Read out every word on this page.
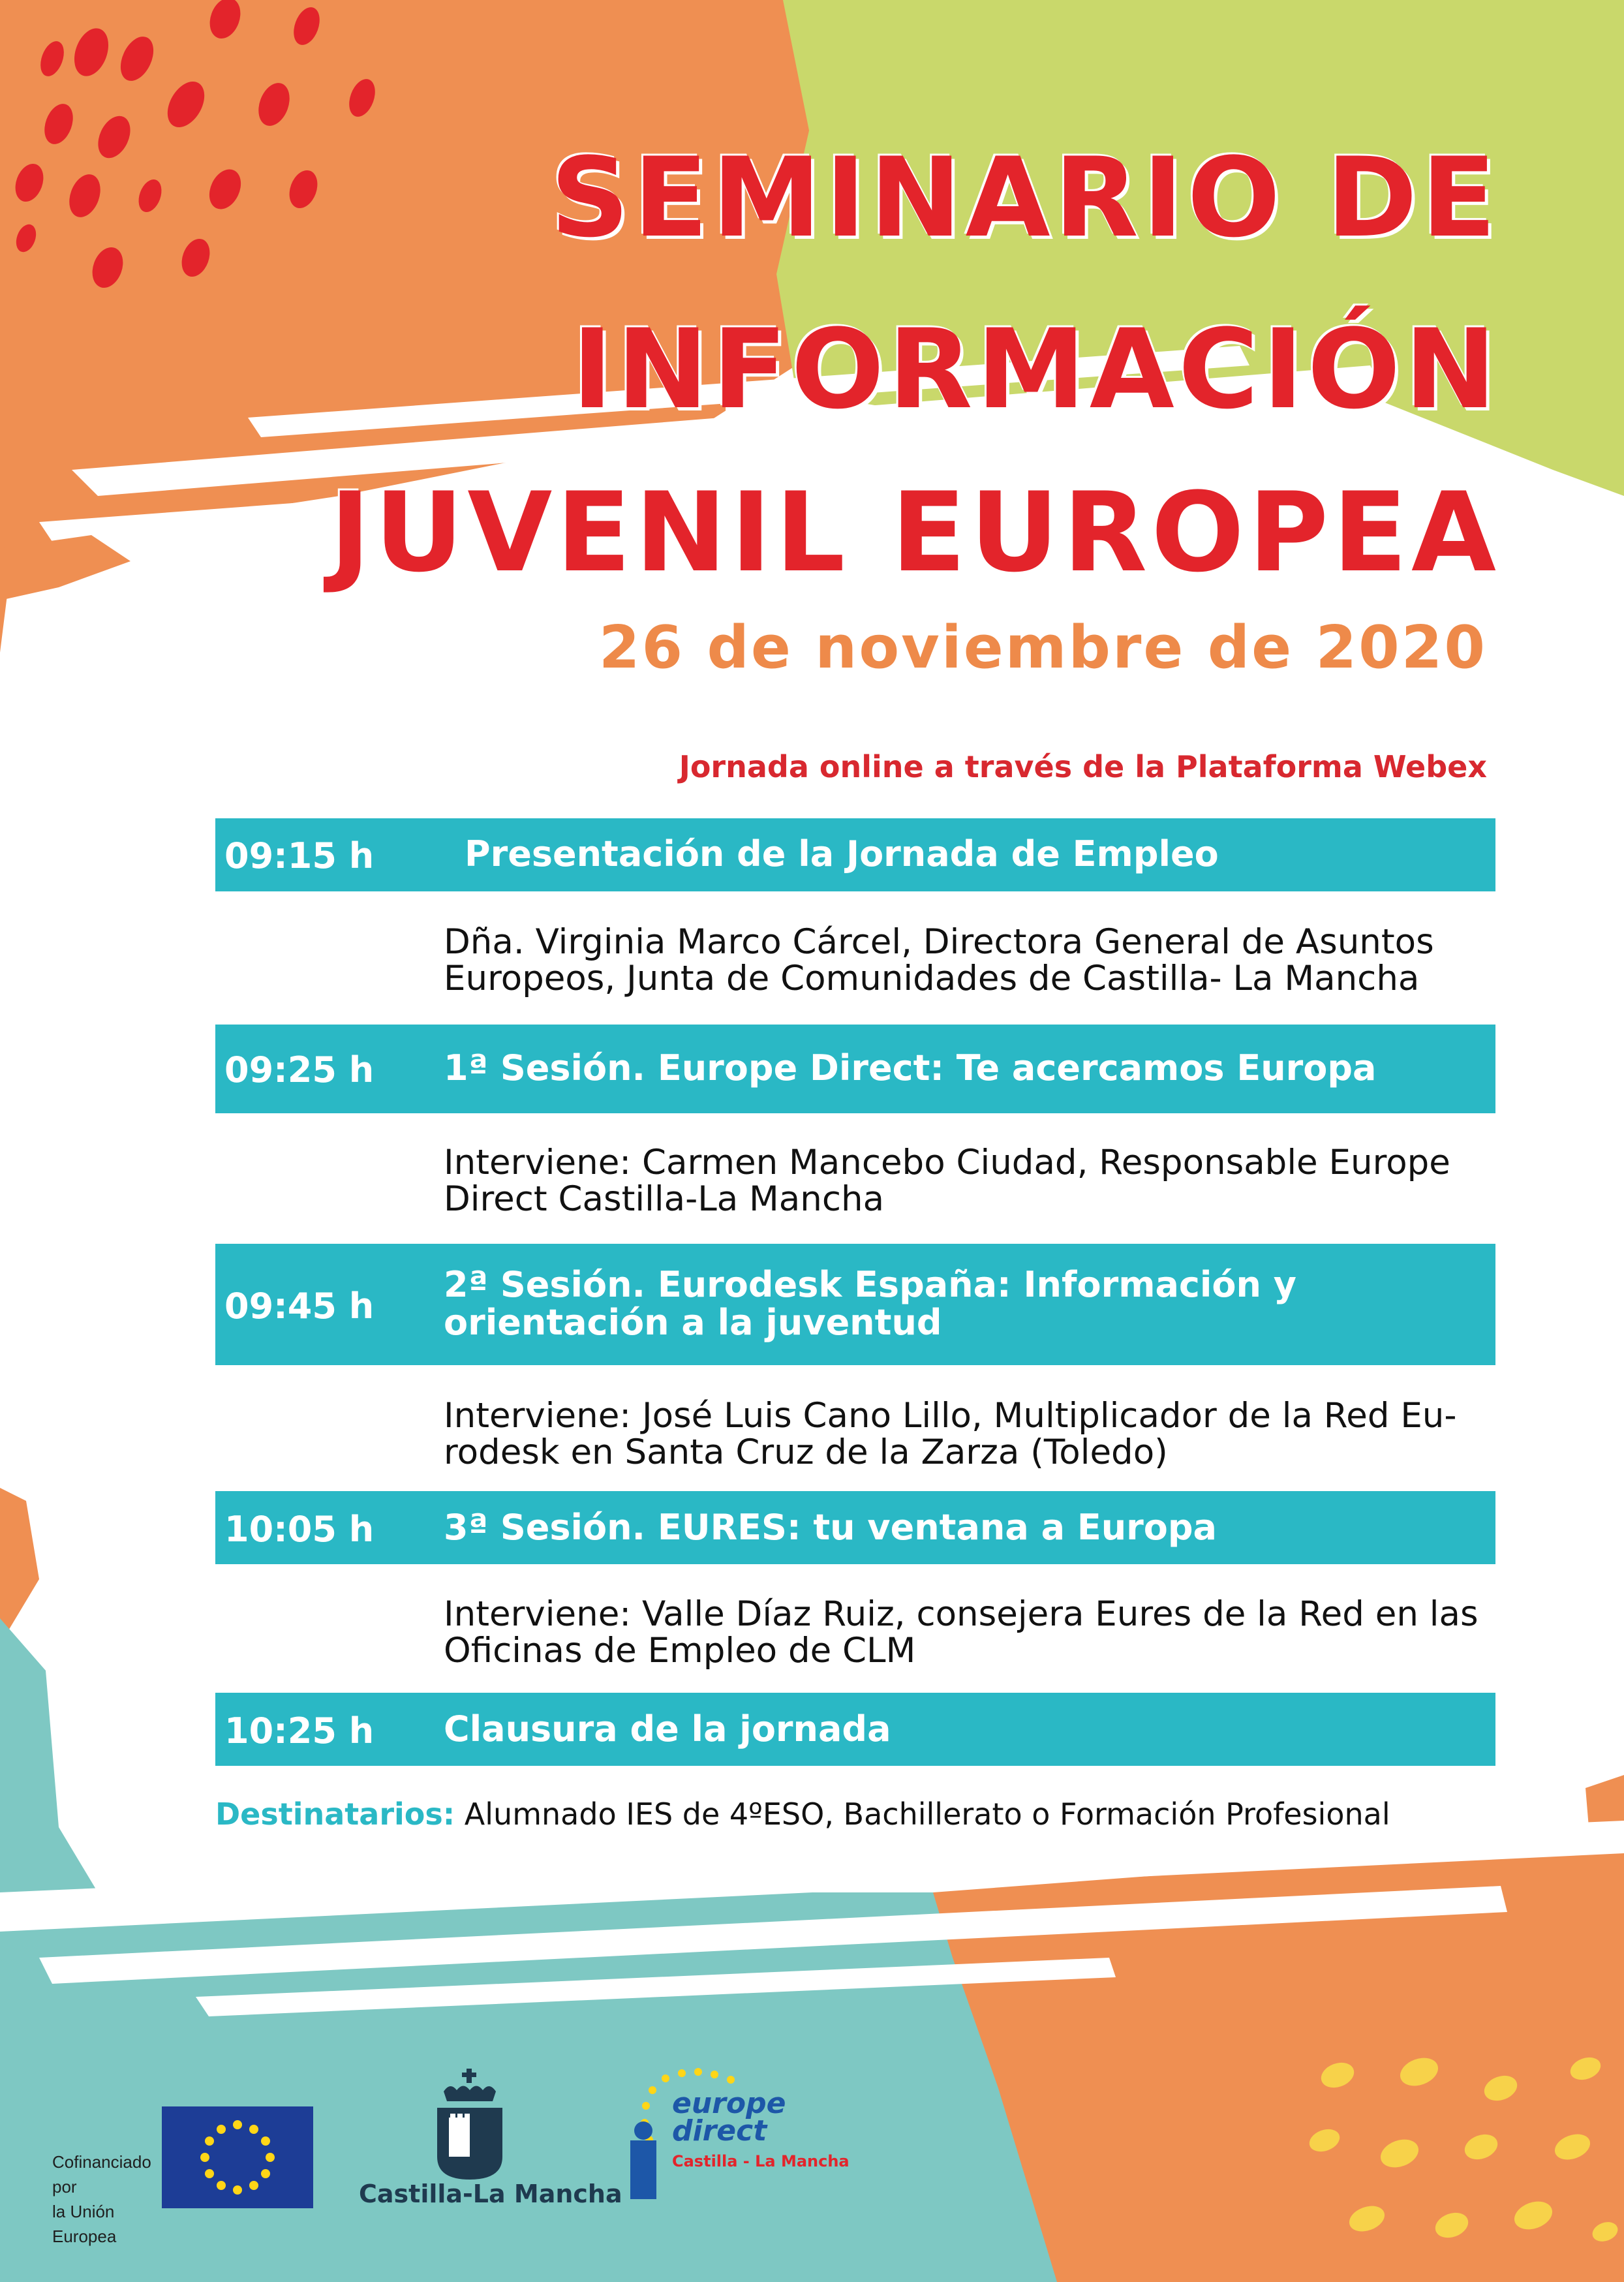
SEMINARIO DE
INFORMACIÓN
JUVENIL EUROPEA
26 de noviembre de 2020
Jornada online a través de la Plataforma Webex
09:15 h	Presentación de la Jornada de Empleo
Dña. Virginia Marco Cárcel, Directora General de Asuntos
Europeos, Junta de Comunidades de Castilla- La Mancha
09:25 h 1ª Sesión. Europe Direct: Te acercamos Europa
Interviene: Carmen Mancebo Ciudad, Responsable Europe
Direct Castilla-La Mancha
09:45 h
2ª Sesión. Eurodesk España: Información y
orientación a la juventud
Interviene: José Luis Cano Lillo, Multiplicador de la Red Eu-
rodesk en Santa Cruz de la Zarza (Toledo)
10:05 h 3ª Sesión. EURES: tu ventana a Europa
Interviene: Valle Díaz Ruiz, consejera Eures de la Red en las
Oficinas de Empleo de CLM
10:25 h Clausura de la jornada
Destinatarios: Alumnado IES de 4ºESO, Bachillerato o Formación Profesional
Cofinanciado por
la Unión Europea
Castilla-La Mancha
europe
direct
Castilla - La Mancha
